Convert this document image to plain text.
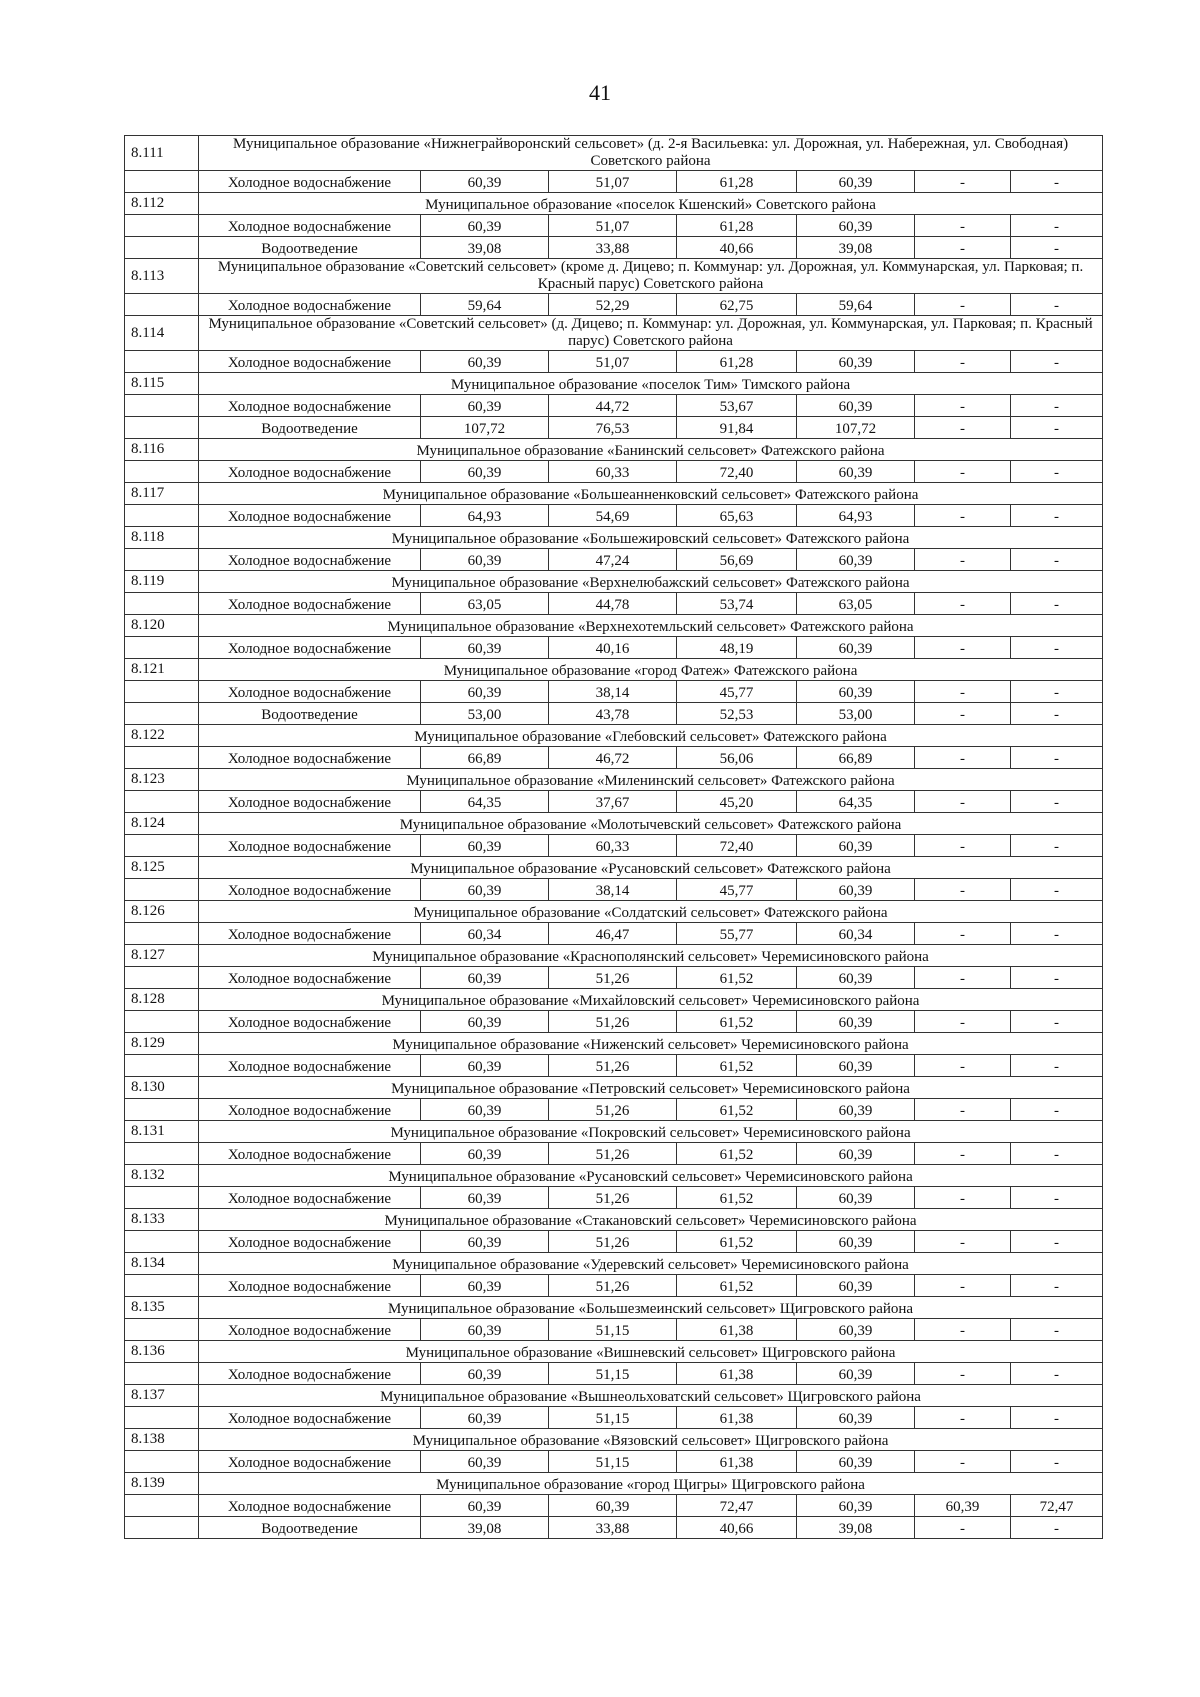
41
8.111	Муниципальное образование «Нижнеграйворонский сельсовет» (д. 2-я Васильевка: ул. Дорожная, ул. Набережная, ул. Свободная) Советского района						
	Холодное водоснабжение	60,39	51,07	61,28	60,39	-	-
8.112	Муниципальное образование «поселок Кшенский» Советского района						
	Холодное водоснабжение	60,39	51,07	61,28	60,39	-	-
	Водоотведение	39,08	33,88	40,66	39,08	-	-
8.113	Муниципальное образование «Советский сельсовет» (кроме д. Дицево; п. Коммунар: ул. Дорожная, ул. Коммунарская, ул. Парковая; п. Красный парус) Советского района						
	Холодное водоснабжение	59,64	52,29	62,75	59,64	-	-
8.114	Муниципальное образование «Советский сельсовет» (д. Дицево; п. Коммунар: ул. Дорожная, ул. Коммунарская, ул. Парковая; п. Красный парус) Советского района						
	Холодное водоснабжение	60,39	51,07	61,28	60,39	-	-
8.115	Муниципальное образование «поселок Тим» Тимского района						
	Холодное водоснабжение	60,39	44,72	53,67	60,39	-	-
	Водоотведение	107,72	76,53	91,84	107,72	-	-
8.116	Муниципальное образование «Банинский сельсовет» Фатежского района						
	Холодное водоснабжение	60,39	60,33	72,40	60,39	-	-
8.117	Муниципальное образование «Большеанненковский сельсовет» Фатежского района						
	Холодное водоснабжение	64,93	54,69	65,63	64,93	-	-
8.118	Муниципальное образование «Большежировский сельсовет» Фатежского района						
	Холодное водоснабжение	60,39	47,24	56,69	60,39	-	-
8.119	Муниципальное образование «Верхнелюбажский сельсовет» Фатежского района						
	Холодное водоснабжение	63,05	44,78	53,74	63,05	-	-
8.120	Муниципальное образование «Верхнехотемльский сельсовет» Фатежского района						
	Холодное водоснабжение	60,39	40,16	48,19	60,39	-	-
8.121	Муниципальное образование «город Фатеж» Фатежского района						
	Холодное водоснабжение	60,39	38,14	45,77	60,39	-	-
	Водоотведение	53,00	43,78	52,53	53,00	-	-
8.122	Муниципальное образование «Глебовский сельсовет» Фатежского района						
	Холодное водоснабжение	66,89	46,72	56,06	66,89	-	-
8.123	Муниципальное образование «Миленинский сельсовет» Фатежского района						
	Холодное водоснабжение	64,35	37,67	45,20	64,35	-	-
8.124	Муниципальное образование «Молотычевский сельсовет» Фатежского района						
	Холодное водоснабжение	60,39	60,33	72,40	60,39	-	-
8.125	Муниципальное образование «Русановский сельсовет» Фатежского района						
	Холодное водоснабжение	60,39	38,14	45,77	60,39	-	-
8.126	Муниципальное образование «Солдатский сельсовет» Фатежского района						
	Холодное водоснабжение	60,34	46,47	55,77	60,34	-	-
8.127	Муниципальное образование «Краснополянский сельсовет» Черемисиновского района						
	Холодное водоснабжение	60,39	51,26	61,52	60,39	-	-
8.128	Муниципальное образование «Михайловский сельсовет» Черемисиновского района						
	Холодное водоснабжение	60,39	51,26	61,52	60,39	-	-
8.129	Муниципальное образование «Ниженский сельсовет» Черемисиновского района						
	Холодное водоснабжение	60,39	51,26	61,52	60,39	-	-
8.130	Муниципальное образование «Петровский сельсовет» Черемисиновского района						
	Холодное водоснабжение	60,39	51,26	61,52	60,39	-	-
8.131	Муниципальное образование «Покровский сельсовет» Черемисиновского района						
	Холодное водоснабжение	60,39	51,26	61,52	60,39	-	-
8.132	Муниципальное образование «Русановский сельсовет» Черемисиновского района						
	Холодное водоснабжение	60,39	51,26	61,52	60,39	-	-
8.133	Муниципальное образование «Стакановский сельсовет» Черемисиновского района						
	Холодное водоснабжение	60,39	51,26	61,52	60,39	-	-
8.134	Муниципальное образование «Удеревский сельсовет» Черемисиновского района						
	Холодное водоснабжение	60,39	51,26	61,52	60,39	-	-
8.135	Муниципальное образование «Большезмеинский сельсовет» Щигровского района						
	Холодное водоснабжение	60,39	51,15	61,38	60,39	-	-
8.136	Муниципальное образование «Вишневский сельсовет» Щигровского района						
	Холодное водоснабжение	60,39	51,15	61,38	60,39	-	-
8.137	Муниципальное образование «Вышнеольховатский сельсовет» Щигровского района						
	Холодное водоснабжение	60,39	51,15	61,38	60,39	-	-
8.138	Муниципальное образование «Вязовский сельсовет» Щигровского района						
	Холодное водоснабжение	60,39	51,15	61,38	60,39	-	-
8.139	Муниципальное образование «город Щигры» Щигровского района						
	Холодное водоснабжение	60,39	60,39	72,47	60,39	60,39	72,47
	Водоотведение	39,08	33,88	40,66	39,08	-	-
